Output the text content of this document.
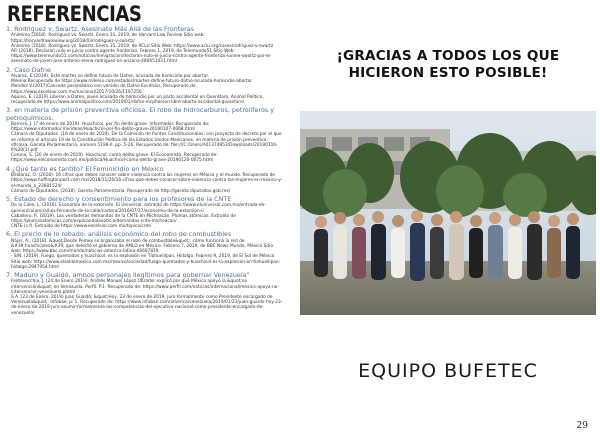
REFERENCIAS
1. Rodriguez v. Swartz. Asesinato Más Allá de las Fronteras
Animimo (2018). Rodriguez vs. Swartz. Enero 31, 2019, de Harvard Law Review Sitio web: https://harvardlawreview.org/2018/03/rodriguez-v-swartz/
Animimo (2018). Rodriguez vs. Swartz. Enero 31, 2019, de ACLU Sitio Web: https://www.aclu.org/cases/rodriguez-v-swartz
AP. (2018). Declaran nulo el juicio contra agente fronterizo. Febrero 1, 2019, de Telemundo51 Sitio Web: https://www.telemundo51.com/noticias/inmigracion/declaran-nulo-el-juicio-contra-agente-fronterizo-lonnie-swartz-por-el-asesinato-de-joven-jose-antonio-elena-rodriguez-en-arizona-480651031.html
2. Caso Dafne
Alvarez, E.(2019). Este martes se define futuro de Dafne, acusada de homicidio por abortar.
Milenio Recuperado de https://www.milenio.com/estados/martes-define-futuro-dafne-acusada-homicidio-abortar
Mendez V.(2017)Concede paramédico con versión de Dafne.Excélsior, Recuperado de. https://www.excelsior.com.mx/nacional/2017/10/26/1197250
Aquino, E. (2019) Liberan a Dafne, joven acusada de homicidio por un parto accidental en Querétaro, Animal Político, recuperado de https://www.animalpolitico.com/2019/01/dafne-mcpherson-libre-aborto-accidental-queretaro/
3. en materia de prisión preventiva oficiosa. El robo de hidrocarburos, petrolíferos y petroquímicos.
Barrera, J. (7 de enero de 2019). Huachicol, por fin delito grave. Informador. Recuperado de: https://www.informador.mx/ideas/Huachicol-por-fin-delito-grave-20190107-0068.html
Cámara de Diputados. (16 de enero de 2019). De la Comisión de Puntos Constitucionales, con proyecto de decreto por el que se reforma el artículo 19 de la Constitución Política de los Estados Unidos Mexicanos, en materia de prisión preventiva oficiosa. Gaceta Parlamentaria, número 5198-II, pp. 5-26. Recuperado de: file:///C:/Users/A01374953/Downloads/20190116-II%20(1).pdf
Corona, S. (20 de enero de 2019). Huachicol, como delito grave. El Economista. Recuperado de: https://www.eleconomista.com.mx/politica/Huachicol-como-delito-grave-20190120-0075.html
4.¿Qué tanto es tantito? El Feminicidio en México
Baldaraz, O. (2018). 16 cifras que debes conocer sobre violencia contra las mujeres en México y el mundo. Recuperado de https://www.huffingtonpost.com.mx/2018/11/26/16-cifras-que-debes-conocer-sobre-violencia-contra-las-mujeres-en-mexico-y-el-mundo_a_23601524/
Cámara de Diputados. (2018). Gaceta Parlamentaria. Recuperado de http://gaceta.diputados.gob.mx/
5. Estado de derecho y consentimiento para los profesores de la CNTE
De la Calle, L. (2016). Economía de la extorsión. El Universal. extraído de https://www.eluniversal.com.mx/entrada-de-opinion/columna/luis-fernando-de-la-calle/cartera/2016/07/27/economia-de-la-extorsion-ii
Caballero, R. (2019). Las verdaderas demandas de la CNTE en Michoacán. Plumas atómicas. Extraído de https://plumasatomicas.com/explicandolanoticia/demandas-cnte-michoacan/
CNTE (s.f). Extraído de https://www.excelsior.com.mx/topico/cnte
6. El precio de lo robado: análisis económico del robo de combustibles
Nájar, A., (2018). &quot;Desde Pemex se organizaba el robo de combustible&quot;: cómo funciona la red de &#39;huachicoleo&#39; que detectó el gobierno de AMLO en México. Febrero 7, 2019, de BBC News Mundo, México Sitio web: https://www.bbc.com/mundo/noticias-america-latina-46697819.
- S/N. (2019). Fuego, quemados y huachicol: es la explosión en Tlahuelilpan, Hidalgo. Febrero 9, 2019, de El Sol de México Sitio web: https://www.elsoldemexico.com.mx/mexico/sociedad/fuego-quemados-y-huachicol-es-la-explosion-en-tlahuelilpan-hidalgo-2947954.html
7. Maduro y Guaidó, ambos personajes ilegítimos para gobernar Venezuela"
Fantevecchia, J. (24 de Enero 2019). Andrés Manuel López Obrador explicó por qué México apoyó la &quot;no intervención&quot; en Venezuela. Perfil. P.1. Recuperado de: https://www.perfil.com/noticias/internacional/mexico-apoya-no-intervencion-venezuela.phtml
S.A. (23 de Enero, 2019) Juan Guaidó: &quot;Hoy, 23 de enero de 2019, juro formalmente como Presidente encargado de Venezuela&quot;. Infobae, p. 1. Recuperado de: https://www.infobae.com/america/venezuela/2019/01/23/juan-guaido-hoy-23-de-enero-de-2019-juro-asumir-formalmente-las-competencias-del-ejecutivo-nacional-como-presidente-encargado-de-venezuela/
¡GRACIAS A TODOS LOS QUE HICIERON ESTO POSIBLE!
EQUIPO BUFETEC
29
